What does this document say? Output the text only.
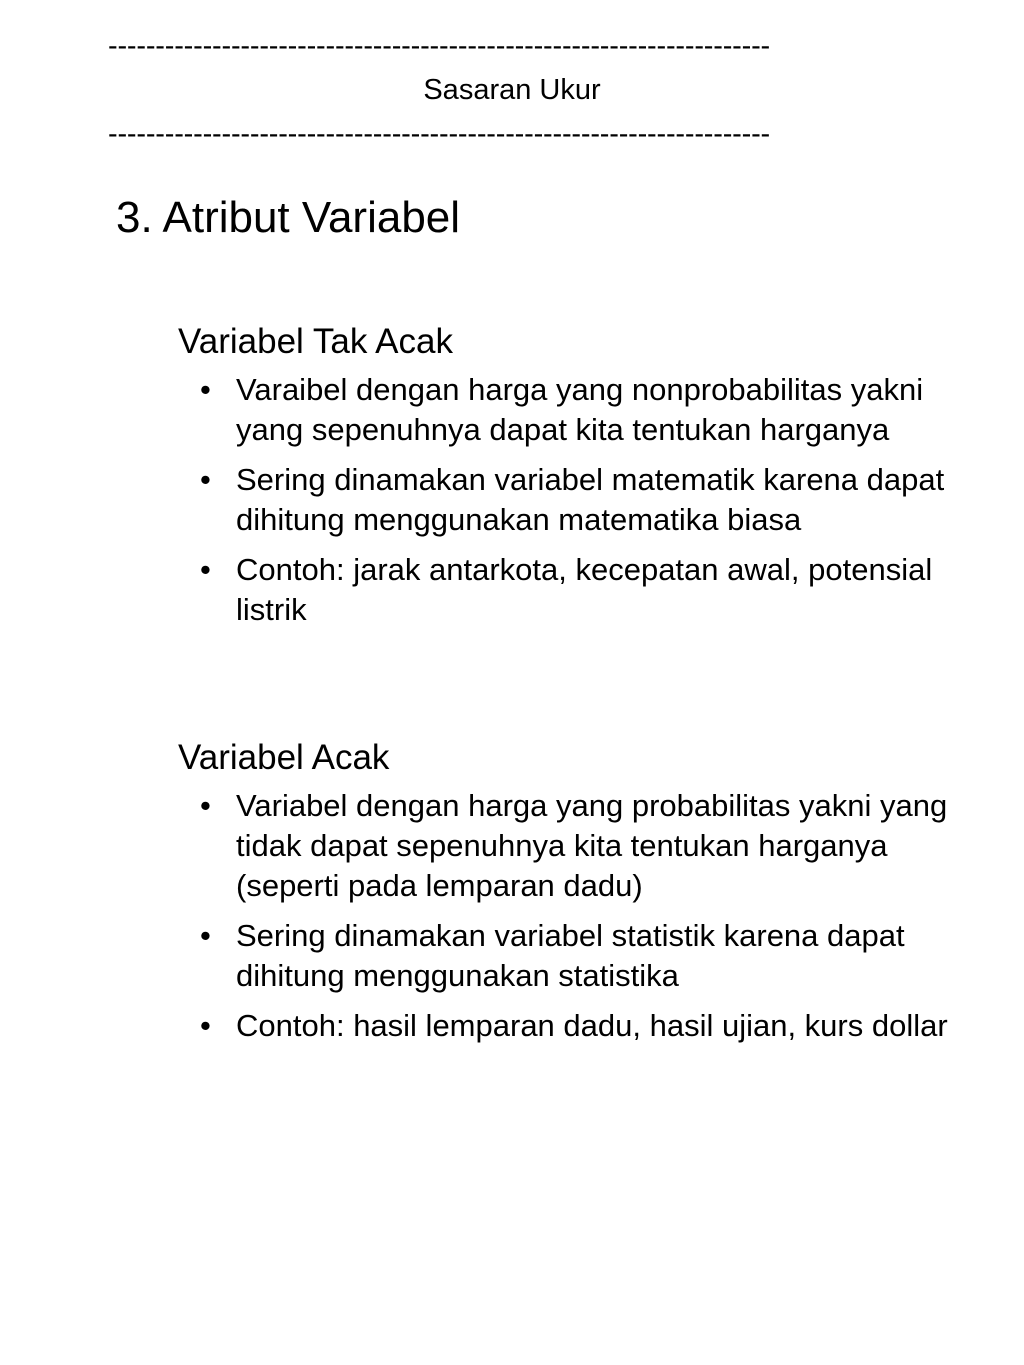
----------------------------------------------------------------------
Sasaran Ukur
----------------------------------------------------------------------
3. Atribut Variabel
Variabel Tak Acak
• Varaibel dengan harga yang nonprobabilitas yakni yang sepenuhnya dapat kita tentukan harganya
• Sering dinamakan variabel matematik karena dapat dihitung menggunakan matematika biasa
• Contoh: jarak antarkota, kecepatan awal, potensial listrik
Variabel Acak
• Variabel dengan harga yang probabilitas yakni yang tidak dapat sepenuhnya kita tentukan harganya (seperti pada lemparan dadu)
• Sering dinamakan variabel statistik karena dapat dihitung menggunakan statistika
• Contoh: hasil lemparan dadu, hasil ujian, kurs dollar
